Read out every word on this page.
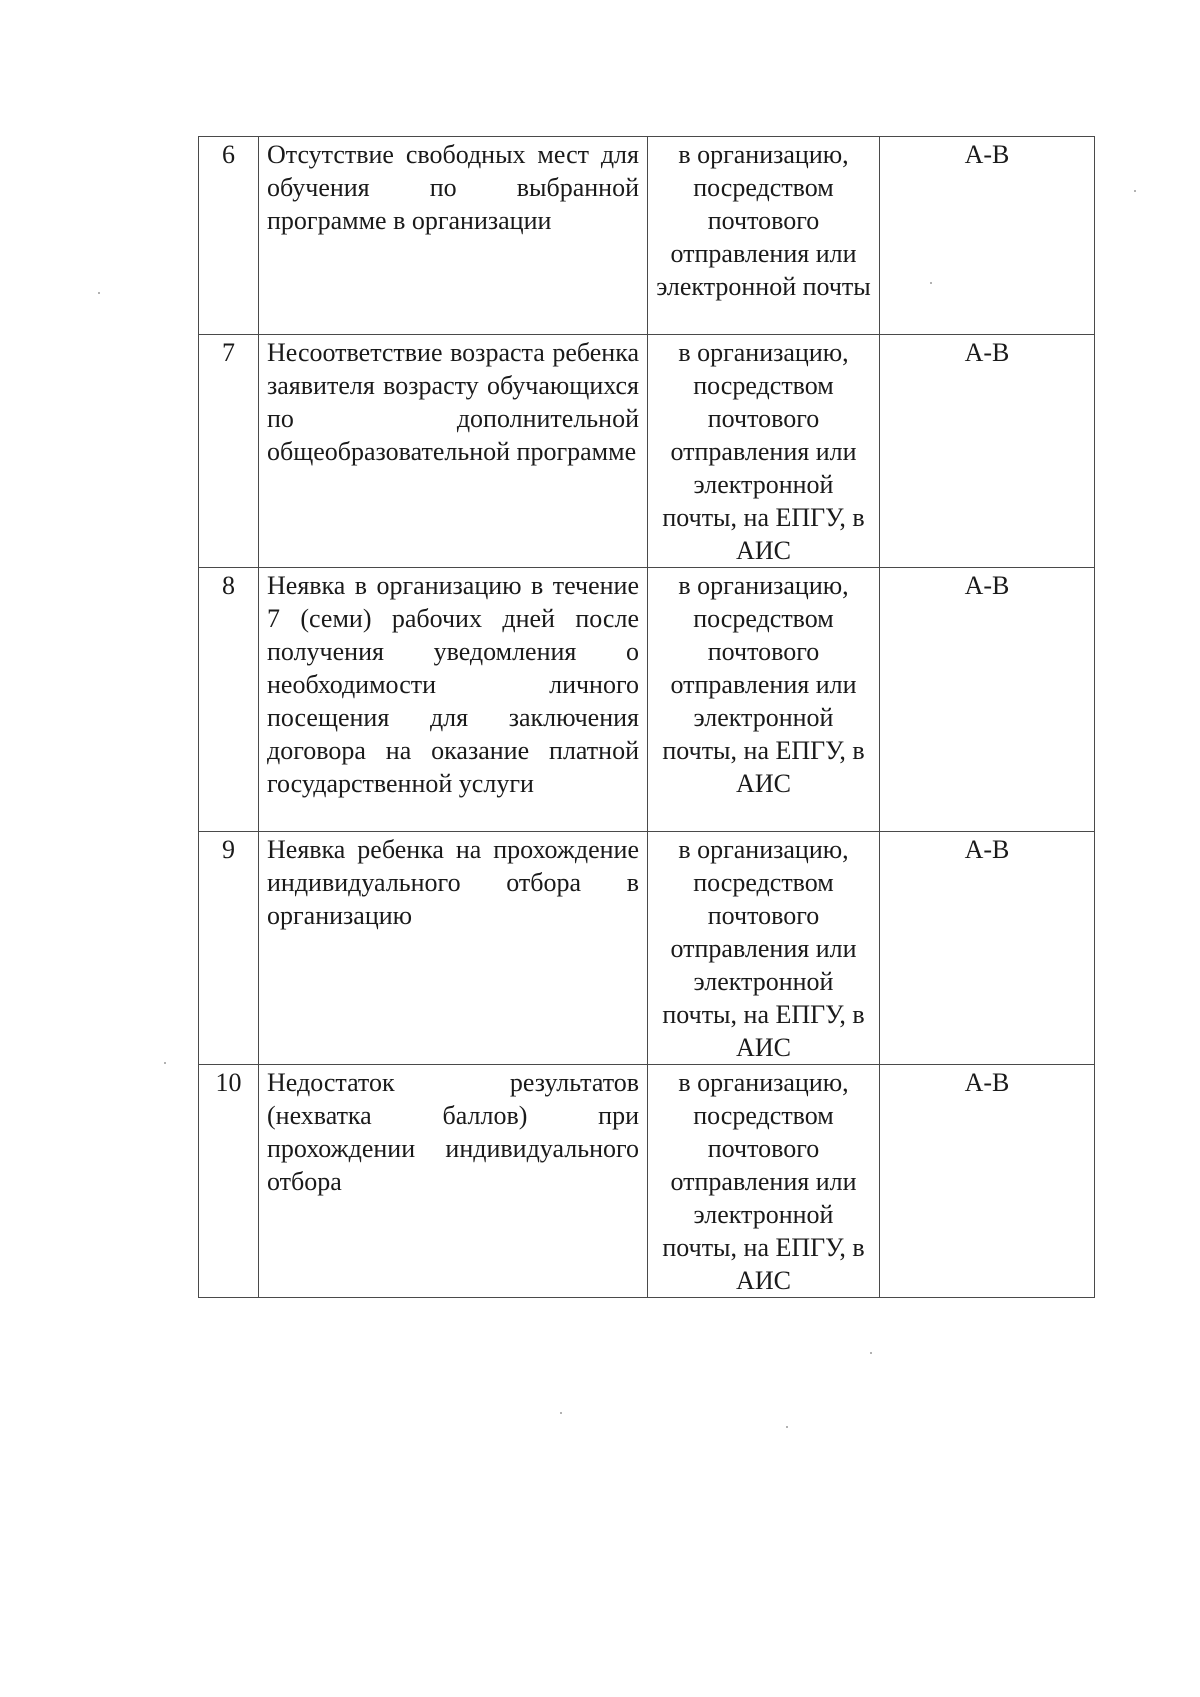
6	Отсутствие свободных мест для обучения по выбранной программе в организации	в организацию, посредством почтового отправления или электронной почты	А-В
7	Несоответствие возраста ребенка заявителя возрасту обучающихся по дополнительной общеобразовательной программе	в организацию, посредством почтового отправления или электронной почты, на ЕПГУ, в АИС	А-В
8	Неявка в организацию в течение 7 (семи) рабочих дней после получения уведомления о необходимости личного посещения для заключения договора на оказание платной государственной услуги	в организацию, посредством почтового отправления или электронной почты, на ЕПГУ, в АИС	А-В
9	Неявка ребенка на прохождение индивидуального отбора в организацию	в организацию, посредством почтового отправления или электронной почты, на ЕПГУ, в АИС	А-В
10	Недостаток результатов (нехватка баллов) при прохождении индивидуального отбора	в организацию, посредством почтового отправления или электронной почты, на ЕПГУ, в АИС	А-В
